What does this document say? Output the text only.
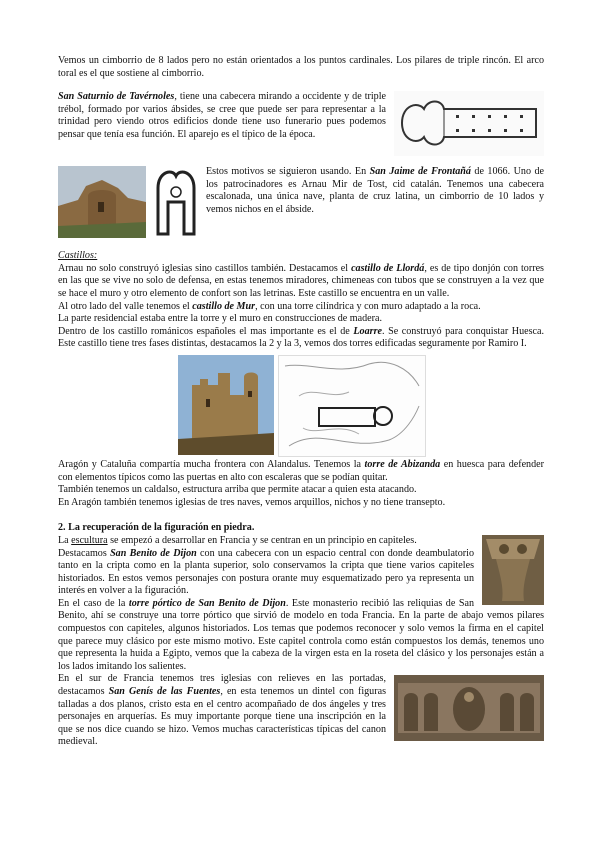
Vemos un cimborrio de 8 lados pero no están orientados a los puntos cardinales. Los pilares de triple rincón. El arco toral es el que sostiene al cimborrio.

San Saturnio de Tavérnoles, tiene una cabecera mirando a occidente y de triple trébol, formado por varios ábsides, se cree que puede ser para representar a la trinidad pero viendo otros edificios donde tiene uso funerario pues podemos pensar que tenía esa función. El aparejo es el típico de la época.

Estos motivos se siguieron usando. En San Jaime de Frontañá de 1066. Uno de los patrocinadores es Arnau Mir de Tost, cid catalán. Tenemos una cabecera escalonada, una única nave, planta de cruz latina, un cimborrio de 10 lados y vemos nichos en el ábside.

Castillos:

Arnau no solo construyó iglesias sino castillos también. Destacamos el castillo de Llordá, es de tipo donjón con torres en las que se vive no solo de defensa, en estas tenemos miradores, chimeneas con tubos que se construyen a la vez que se hace el muro y otro elemento de confort son las letrinas. Este castillo se encuentra en un valle.

Al otro lado del valle tenemos el castillo de Mur, con una torre cilíndrica y con muro adaptado a la roca.

La parte residencial estaba entre la torre y el muro en construcciones de madera.

Dentro de los castillo románicos españoles el mas importante es el de Loarre. Se construyó para conquistar Huesca. Este castillo tiene tres fases distintas, destacamos la 2 y la 3, vemos dos torres edificadas seguramente por Ramiro I.

Aragón y Cataluña compartía mucha frontera con Alandalus. Tenemos la torre de Abizanda en huesca para defender con elementos típicos como las puertas en alto con escaleras que se podían quitar.

También tenemos un caldalso, estructura arriba que permite atacar a quien esta atacando.

En Aragón también tenemos iglesias de tres naves, vemos arquillos, nichos y no tiene transepto.

2. La recuperación de la figuración en piedra.

La escultura se empezó a desarrollar en Francia y se centran en un principio en capiteles.

Destacamos San Benito de Dijon con una cabecera con un espacio central con donde deambulatorio tanto en la cripta como en la planta superior, solo conservamos la cripta que tiene varios capiteles historiados. En estos vemos personajes con postura orante muy esquematizado pero ya representa un interés en volver a la figuración.

En el caso de la torre pórtico de San Benito de Dijon. Este monasterio recibió las reliquias de San Benito, ahí se construye una torre pórtico que sirvió de modelo en toda Francia. En la parte de abajo vemos pilares compuestos con capiteles, algunos historiados. Los temas que podemos reconocer y solo vemos la firma en el capitel que parece muy clásico por este mismo motivo. Este capitel controla como están compuestos los demás, tenemos uno que representa la huida a Egipto, vemos que la cabeza de la virgen esta en la roseta del clásico y los personajes están a los lados imitando los salientes.

En el sur de Francia tenemos tres iglesias con relieves en las portadas, destacamos San Genís de las Fuentes, en esta tenemos un dintel con figuras talladas a dos planos, cristo esta en el centro acompañado de dos ángeles y tres personajes en arquerías. Es muy importante porque tiene una inscripción en la que se nos dice cuando se hizo. Vemos muchas características típicas del canon medieval.
